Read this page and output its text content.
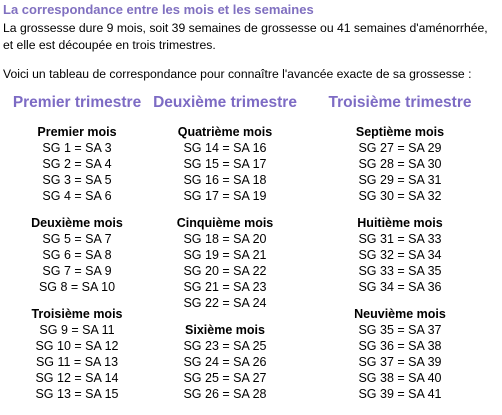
La correspondance entre les mois et les semaines
La grossesse dure 9 mois, soit 39 semaines de grossesse ou 41 semaines d'aménorrhée, et elle est découpée en trois trimestres.
Voici un tableau de correspondance pour connaître l'avancée exacte de sa grossesse :
Premier trimestre
Premier mois
SG 1 = SA 3
SG 2 = SA 4
SG 3 = SA 5
SG 4 = SA 6
Deuxième mois
SG 5 = SA 7
SG 6 = SA 8
SG 7 = SA 9
SG 8 = SA 10
Troisième mois
SG 9 = SA 11
SG 10 = SA 12
SG 11 = SA 13
SG 12 = SA 14
SG 13 = SA 15
Deuxième trimestre
Quatrième mois
SG 14 = SA 16
SG 15 = SA 17
SG 16 = SA 18
SG 17 = SA 19
Cinquième mois
SG 18 = SA 20
SG 19 = SA 21
SG 20 = SA 22
SG 21 = SA 23
SG 22 = SA 24
Sixième mois
SG 23 = SA 25
SG 24 = SA 26
SG 25 = SA 27
SG 26 = SA 28
Troisième trimestre
Septième mois
SG 27 = SA 29
SG 28 = SA 30
SG 29 = SA 31
SG 30 = SA 32
Huitième mois
SG 31 = SA 33
SG 32 = SA 34
SG 33 = SA 35
SG 34 = SA 36
Neuvième mois
SG 35 = SA 37
SG 36 = SA 38
SG 37 = SA 39
SG 38 = SA 40
SG 39 = SA 41
